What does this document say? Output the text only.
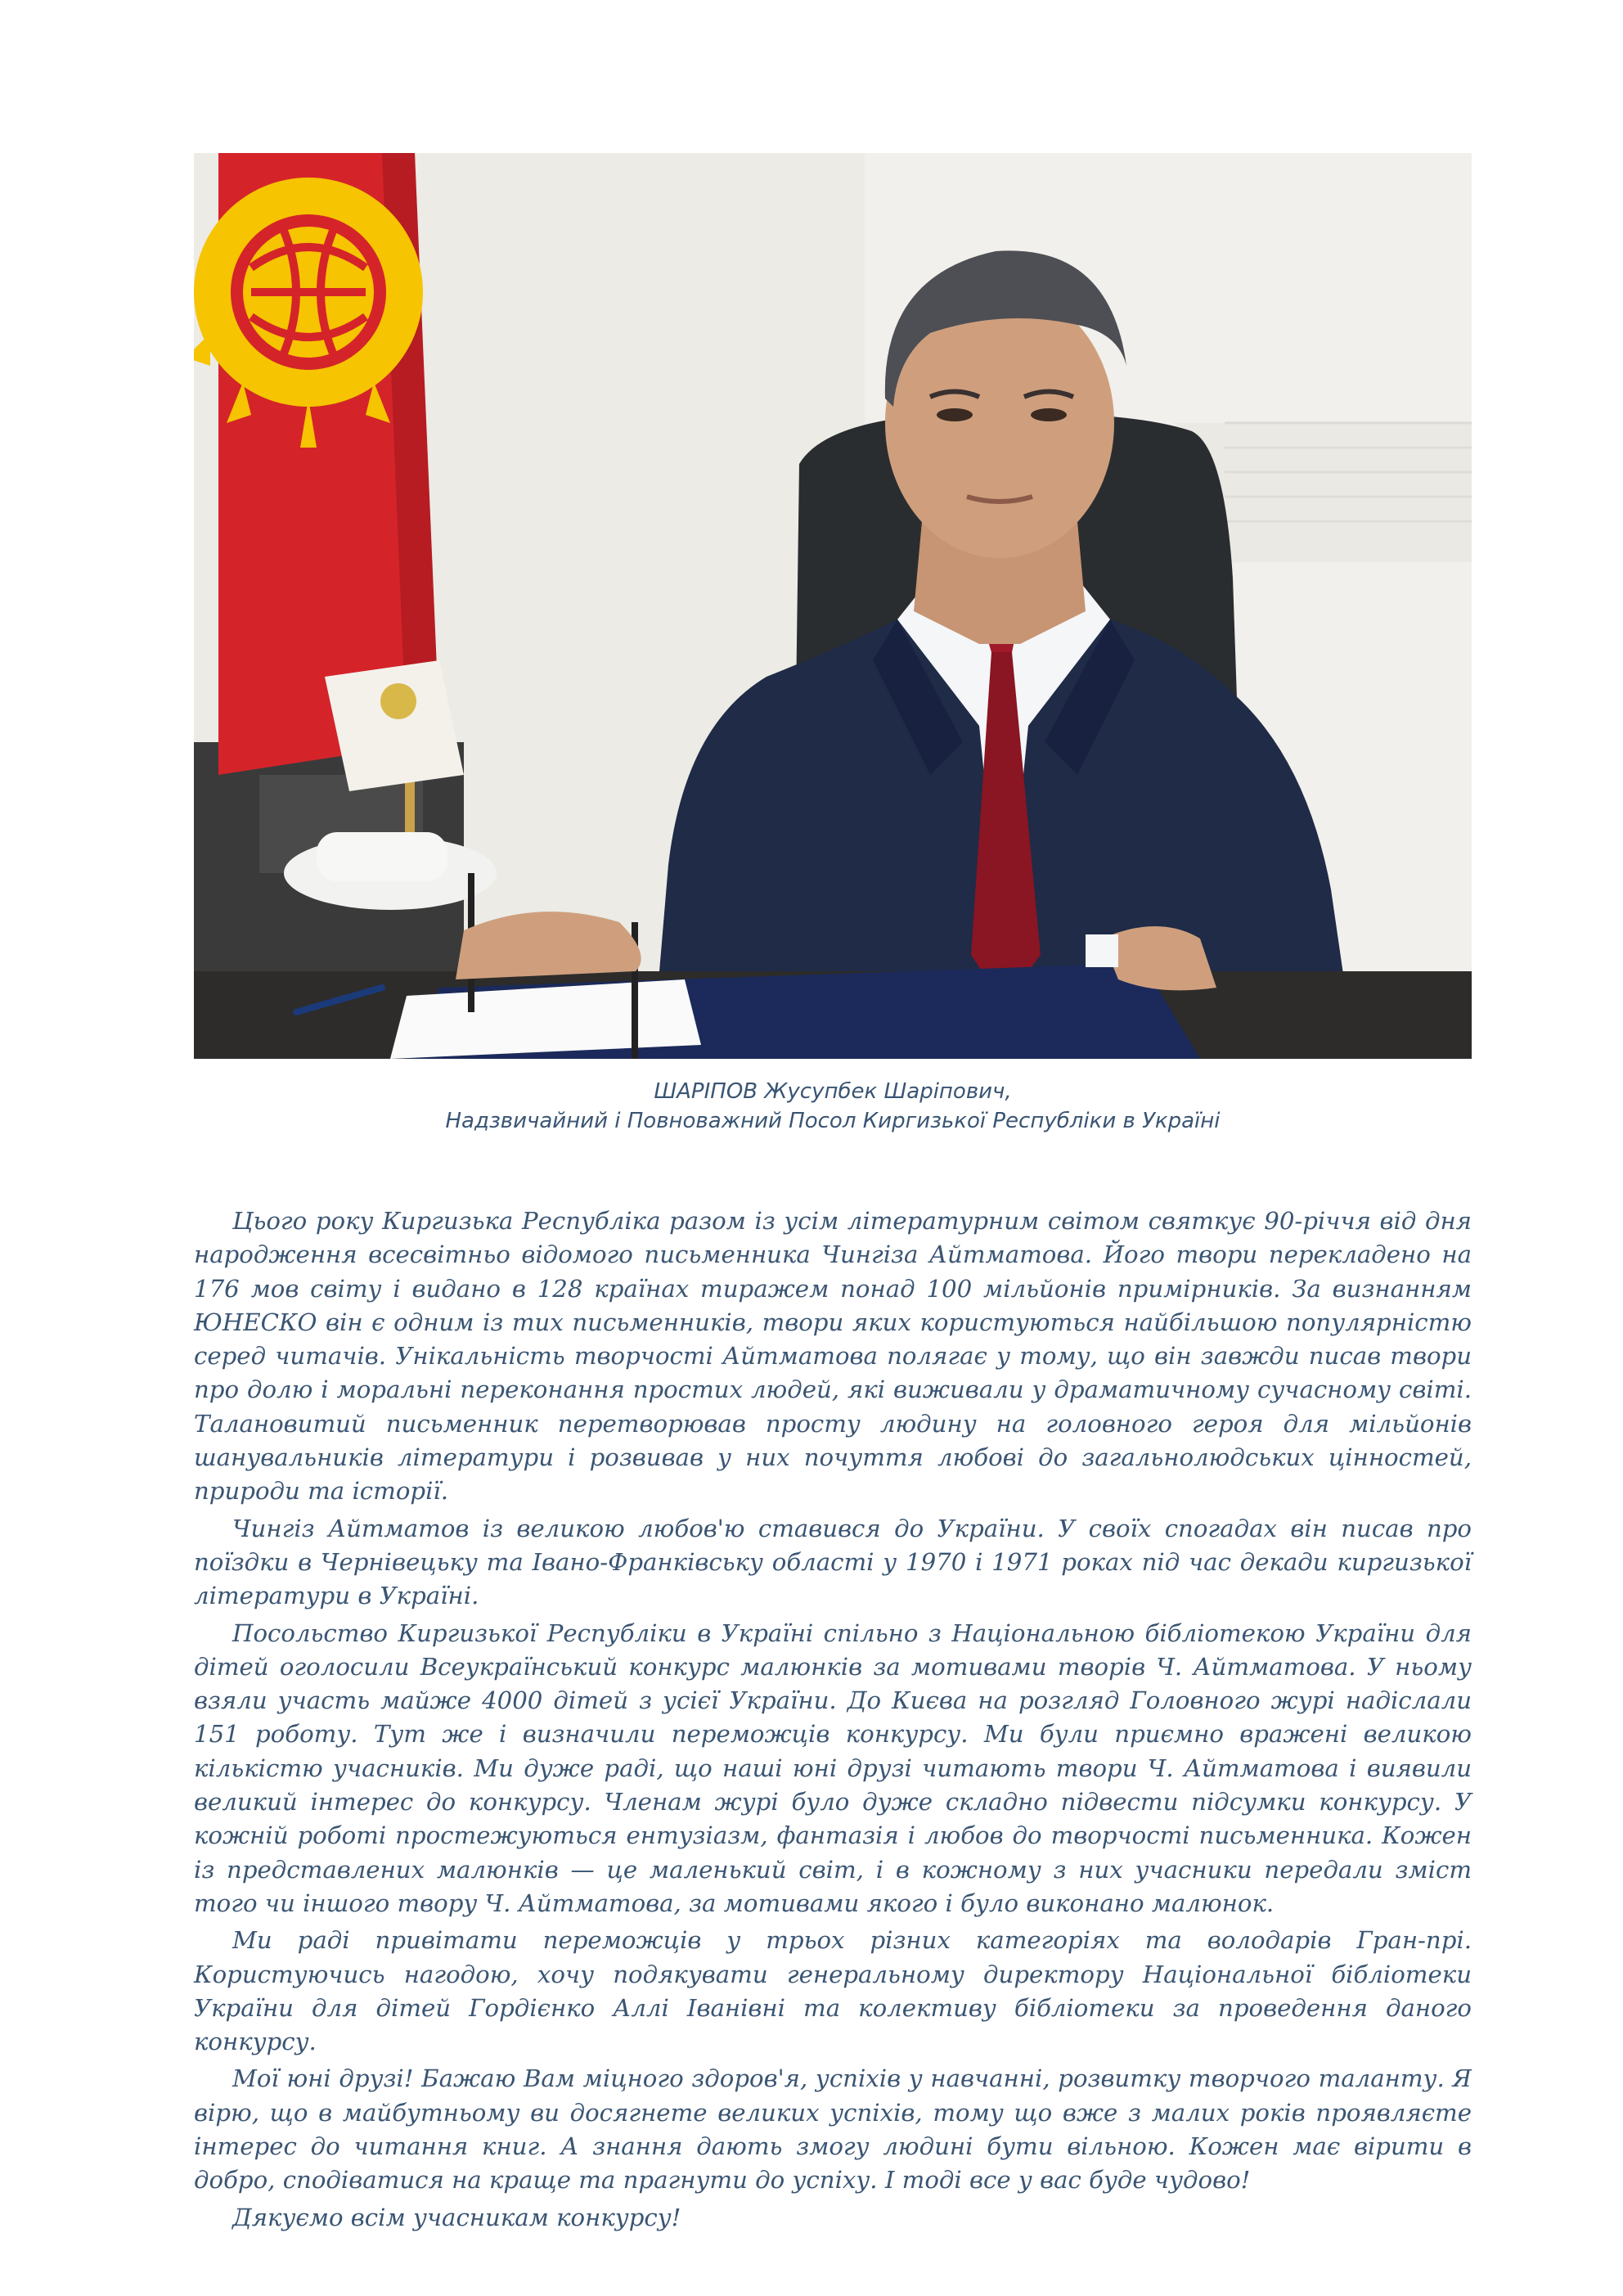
ШАРІПОВ Жусупбек Шаріпович,
Надзвичайний і Повноважний Посол Киргизької Республіки в Україні

Цього року Киргизька Республіка разом із усім літературним світом святкує 90-річчя від дня народження всесвітньо відомого письменника Чингіза Айтматова. Його твори перекладено на 176 мов світу і видано в 128 країнах тиражем понад 100 мільйонів примірників. За визнанням ЮНЕСКО він є одним із тих письменників, твори яких користуються найбільшою популярністю серед читачів. Унікальність творчості Айтматова полягає у тому, що він завжди писав твори про долю і моральні переконання простих людей, які виживали у драматичному сучасному світі. Талановитий письменник перетворював просту людину на головного героя для мільйонів шанувальників літератури і розвивав у них почуття любові до загальнолюдських цінностей, природи та історії.

Чингіз Айтматов із великою любов'ю ставився до України. У своїх спогадах він писав про поїздки в Чернівецьку та Івано-Франківську області у 1970 і 1971 роках під час декади киргизької літератури в Україні.

Посольство Киргизької Республіки в Україні спільно з Національною бібліотекою України для дітей оголосили Всеукраїнський конкурс малюнків за мотивами творів Ч. Айтматова. У ньому взяли участь майже 4000 дітей з усієї України. До Києва на розгляд Головного журі надіслали 151 роботу. Тут же і визначили переможців конкурсу. Ми були приємно вражені великою кількістю учасників. Ми дуже раді, що наші юні друзі читають твори Ч. Айтматова і виявили великий інтерес до конкурсу. Членам журі було дуже складно підвести підсумки конкурсу. У кожній роботі простежуються ентузіазм, фантазія і любов до творчості письменника. Кожен із представлених малюнків — це маленький світ, і в кожному з них учасники передали зміст того чи іншого твору Ч. Айтматова, за мотивами якого і було виконано малюнок.

Ми раді привітати переможців у трьох різних категоріях та володарів Гран-прі. Користуючись нагодою, хочу подякувати генеральному директору Національної бібліотеки України для дітей Гордієнко Аллі Іванівні та колективу бібліотеки за проведення даного конкурсу.

Мої юні друзі! Бажаю Вам міцного здоров'я, успіхів у навчанні, розвитку творчого таланту. Я вірю, що в майбутньому ви досягнете великих успіхів, тому що вже з малих років проявляєте інтерес до читання книг. А знання дають змогу людині бути вільною. Кожен має вірити в добро, сподіватися на краще та прагнути до успіху. І тоді все у вас буде чудово!

Дякуємо всім учасникам конкурсу!
